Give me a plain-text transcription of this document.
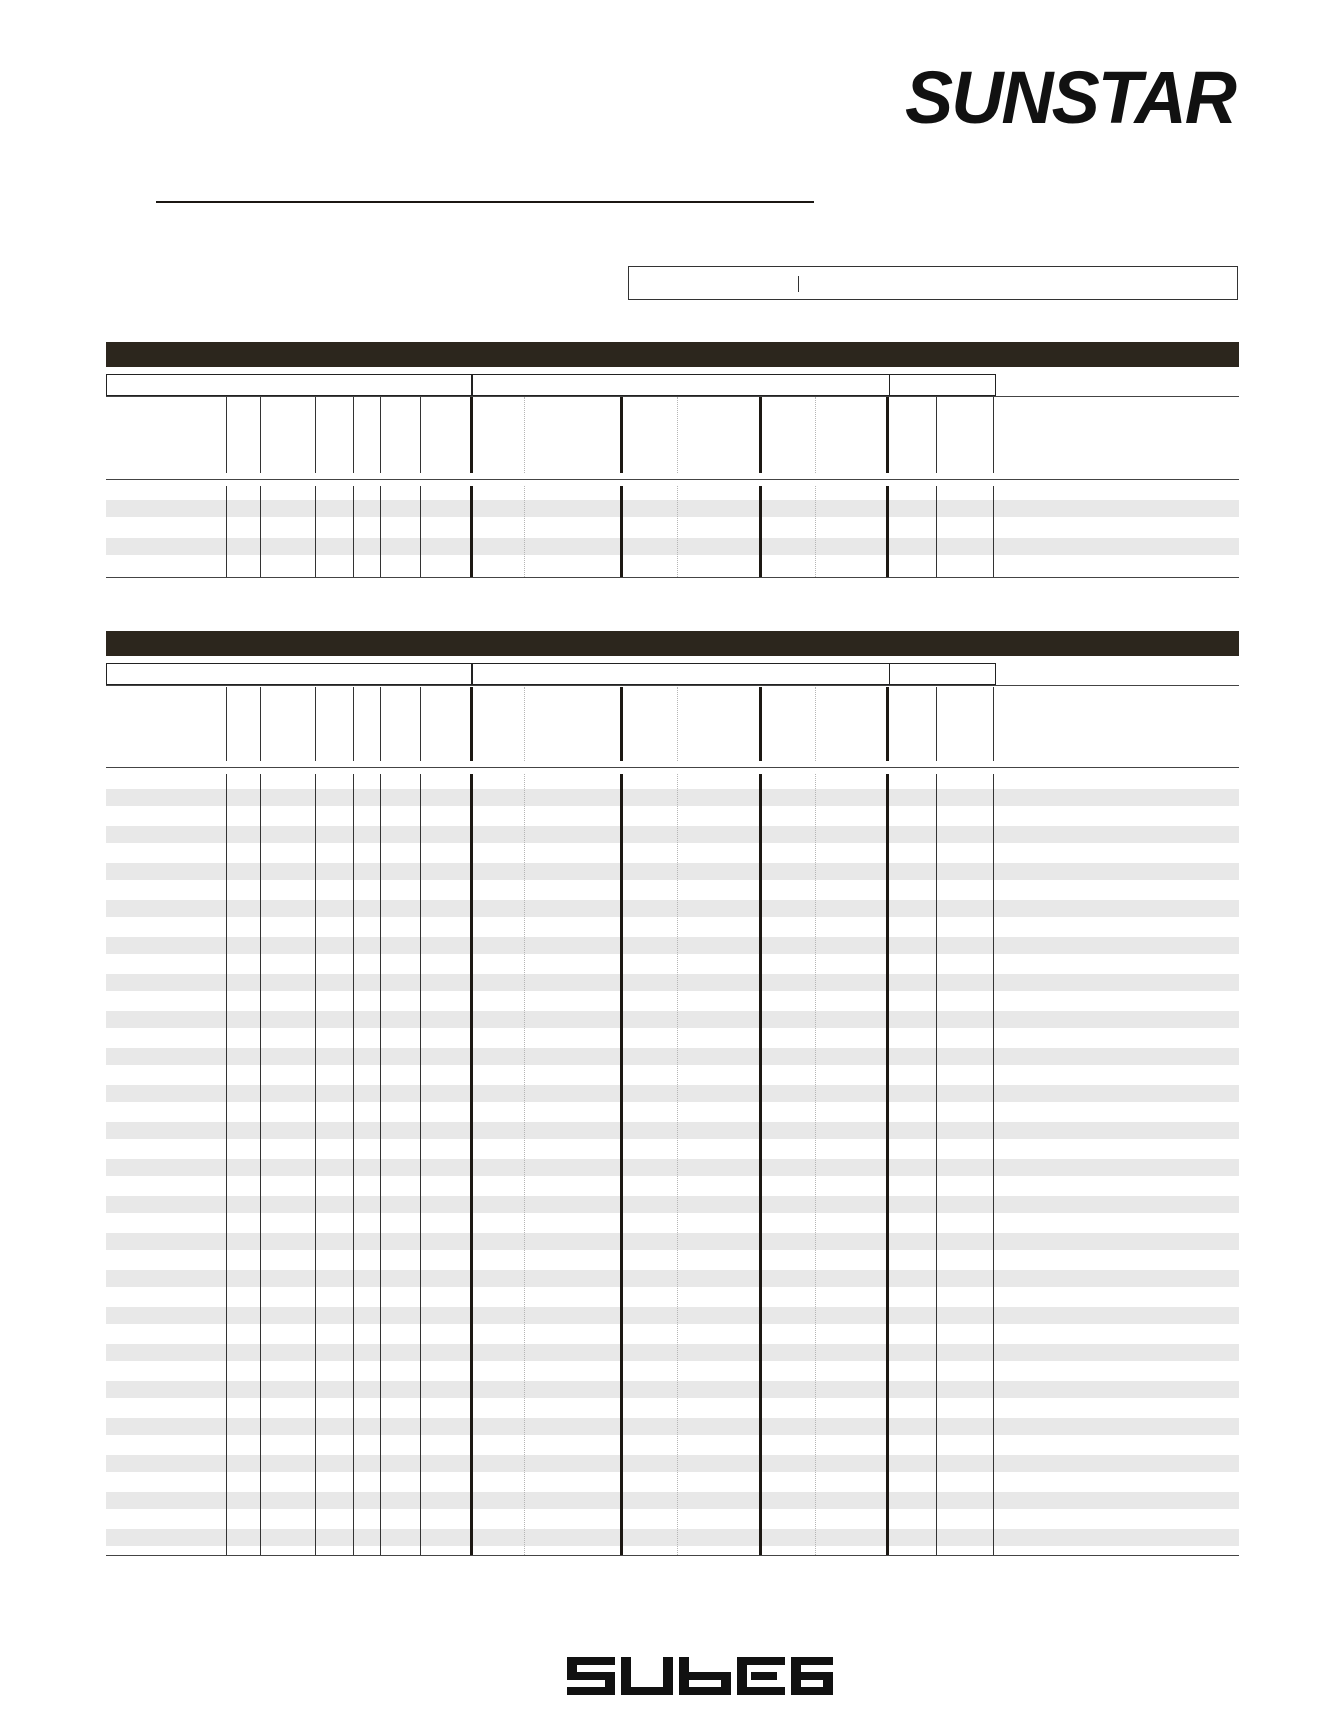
SUNSTAR
